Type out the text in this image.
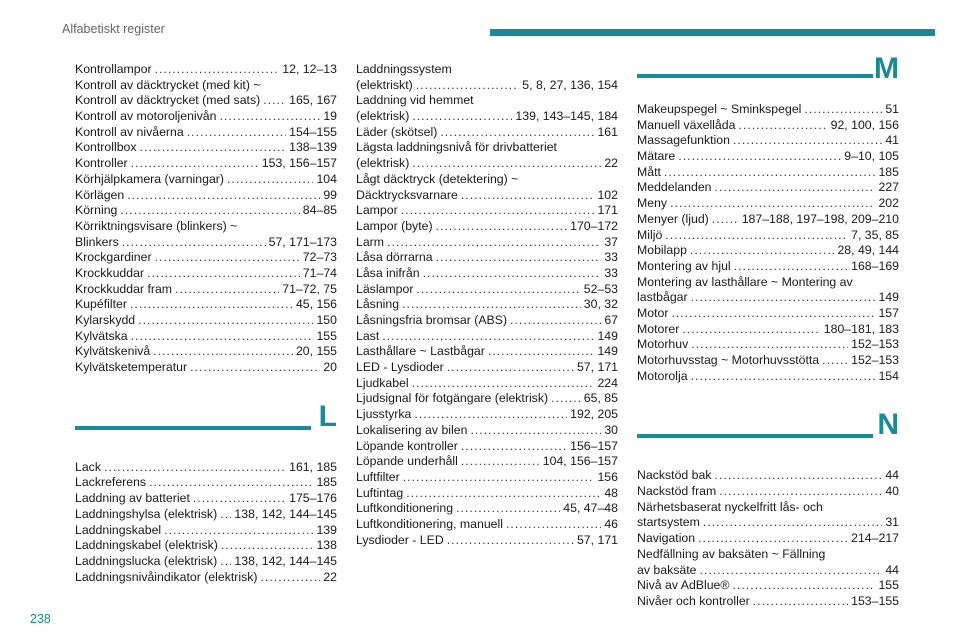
Alfabetiskt register
Kontrollampor . . .	12, 12–13
Kontroll av däcktrycket (med kit) ~
Kontroll av däcktrycket (med sats) . . . 165, 167
Kontroll av motoroljenivån . . .	19
Kontroll av nivåerna . . .	154–155
Kontrollbox . . .	138–139
Kontroller . . .	153, 156–157
Körhjälpkamera (varningar) . . .	104
Körlägen . . .	99
Körning . . .	84–85
Körriktningsvisare (blinkers) ~
Blinkers . . .	57, 171–173
Krockgardiner . . .	72–73
Krockkuddar . . .	71–74
Krockkuddar fram . . .	71–72, 75
Kupéfilter . . .	45, 156
Kylarskydd . . .	150
Kylvätska . . .	155
Kylvätskenivå . . .	20, 155
Kylvätsketemperatur . . .	20
L
Lack . . .	161, 185
Lackreferens . . .	185
Laddning av batteriet . . .	175–176
Laddningshylsa (elektrisk) . . . 138, 142, 144–145
Laddningskabel . . .	139
Laddningskabel (elektrisk) . . .	138
Laddningslucka (elektrisk) . . . 138, 142, 144–145
Laddningsnivåindikator (elektrisk) . . .	22
Laddningssystem
(elektriskt) . . .	5, 8, 27, 136, 154
Laddning vid hemmet
(elektrisk) . . .	139, 143–145, 184
Läder (skötsel) . . .	161
Lägsta laddningsnivå för drivbatteriet
(elektrisk) . . .	22
Lågt däcktryck (detektering) ~
Däcktrycksvarnare . . .	102
Lampor . . .	171
Lampor (byte) . . .	170–172
Larm . . .	37
Låsa dörrarna . . .	33
Låsa inifrån . . .	33
Läslampor . . .	52–53
Låsning . . .	30, 32
Låsningsfria bromsar (ABS) . . .	67
Last . . .	149
Lasthållare ~ Lastbågar . . .	149
LED - Lysdioder . . .	57, 171
Ljudkabel . . .	224
Ljudsignal för fotgängare (elektrisk) . . .	65, 85
Ljusstyrka . . .	192, 205
Lokalisering av bilen . . .	30
Löpande kontroller . . .	156–157
Löpande underhåll . . .	104, 156–157
Luftfilter . . .	156
Luftintag . . .	48
Luftkonditionering . . .	45, 47–48
Luftkonditionering, manuell . . .	46
Lysdioder - LED . . .	57, 171
M
Makeupspegel ~ Sminkspegel . . .	51
Manuell växellåda . . .	92, 100, 156
Massagefunktion . . .	41
Mätare . . .	9–10, 105
Mått . . .	185
Meddelanden . . .	227
Meny . . .	202
Menyer (ljud) . . .	187–188, 197–198, 209–210
Miljö . . .	7, 35, 85
Mobilapp . . .	28, 49, 144
Montering av hjul . . .	168–169
Montering av lasthållare ~ Montering av
lastbågar . . .	149
Motor . . .	157
Motorer . . .	180–181, 183
Motorhuv . . .	152–153
Motorhuvsstag ~ Motorhuvsstötta . . .	152–153
Motorolja . . .	154
N
Nackstöd bak . . .	44
Nackstöd fram . . .	40
Närhetsbaserat nyckelfritt lås- och
startsystem . . .	31
Navigation . . .	214–217
Nedfällning av baksäten ~ Fällning
av baksäte . . .	44
Nivå av AdBlue® . . .	155
Nivåer och kontroller . . .	153–155
238
